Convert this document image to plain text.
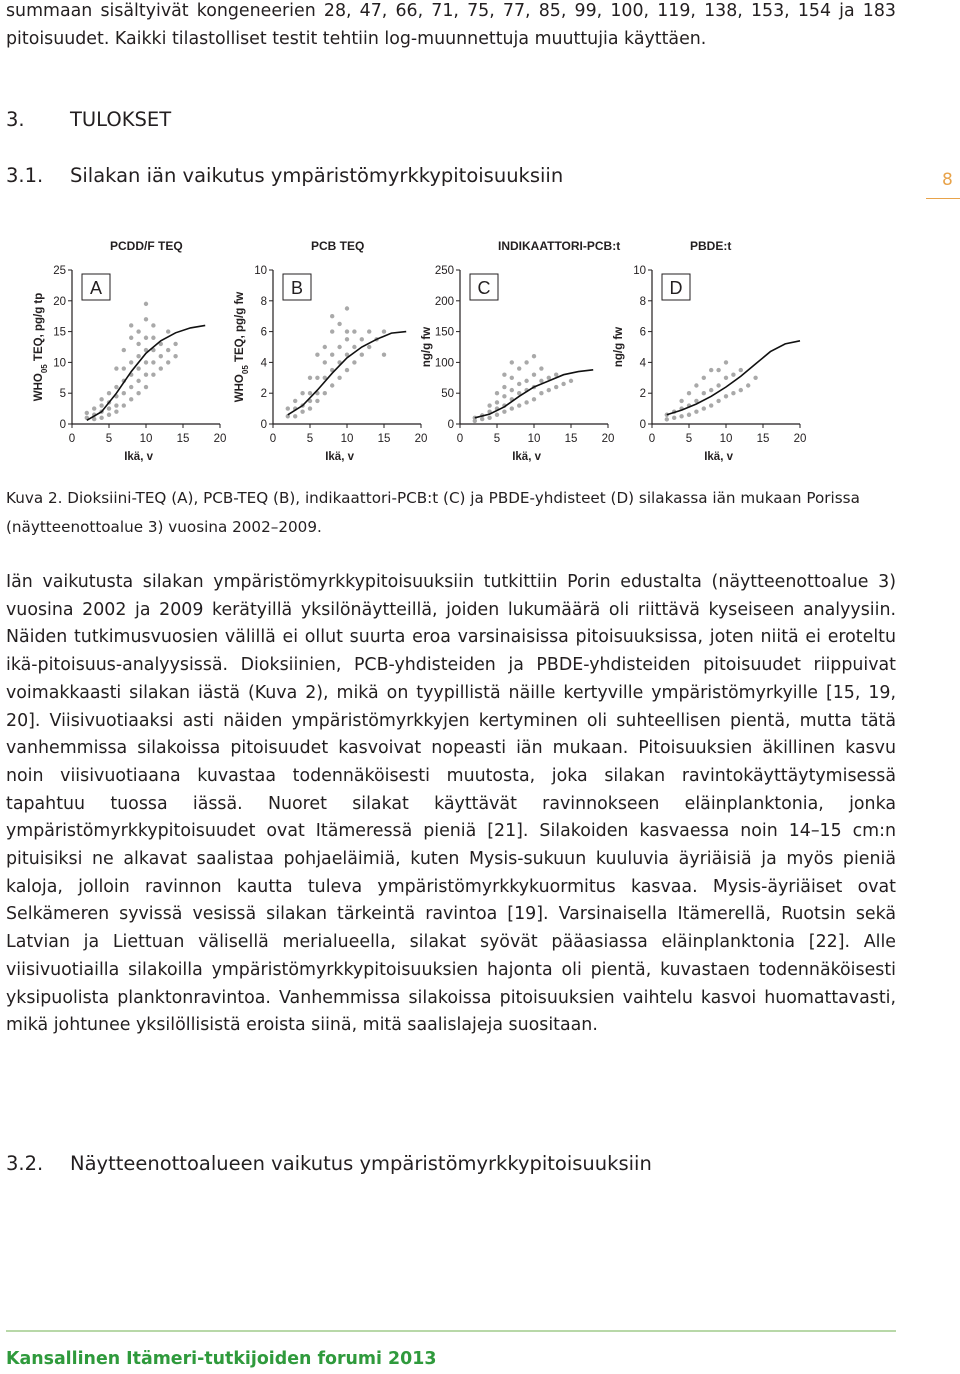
summaan sisältyivät kongeneerien 28, 47, 66, 71, 75, 77, 85, 99, 100, 119, 138, 153, 154 ja 183 pitoisuudet. Kaikki tilastolliset testit tehtiin log-muunnettuja muuttujia käyttäen.
3. TULOKSET
3.1. Silakan iän vaikutus ympäristömyrkkypitoisuuksiin	8
PCDD/F TEQ
A
0
5
10
15
20
25
0	5 10 15 20
Ikä, v
$WHO_{05}$ TEQ, pg/g tp
PCB TEQ
B
0
2
4
6
8
10
0	5 10 15 20
Ikä, v
$WHO_{05}$ TEQ, pg/g fw
INDIKAATTORI-PCB:t
C
0
50
100
150
200
250
0	5 10 15 20
Ikä, v
ng/g fw
PBDE:t
D
0
2
4
6
8
10
0	5 10 15 20
Ikä, v
ng/g fw
Kuva 2. Dioksiini-TEQ (A), PCB-TEQ (B), indikaattori-PCB:t (C) ja PBDE-yhdisteet (D) silakassa iän mukaan Porissa (näytteenottoalue 3) vuosina 2002–2009.
Iän vaikutusta silakan ympäristömyrkkypitoisuuksiin tutkittiin Porin edustalta (näytteenottoalue 3) vuosina 2002 ja 2009 kerätyillä yksilönäytteillä, joiden lukumäärä oli riittävä kyseiseen analyysiin. Näiden tutkimusvuosien välillä ei ollut suurta eroa varsinaisissa pitoisuuksissa, joten niitä ei eroteltu ikä-pitoisuus-analyysissä. Dioksiinien, PCB-yhdisteiden ja PBDE-yhdisteiden pitoisuudet riippuivat voimakkaasti silakan iästä (Kuva 2), mikä on tyypillistä näille kertyville ympäristömyrkyille [15, 19, 20]. Viisivuotiaaksi asti näiden ympäristömyrkkyjen kertyminen oli suhteellisen pientä, mutta tätä vanhemmissa silakoissa pitoisuudet kasvoivat nopeasti iän mukaan. Pitoisuuksien äkillinen kasvu noin viisivuotiaana kuvastaa todennäköisesti muutosta, joka silakan ravintokäyttäytymisessä tapahtuu tuossa iässä. Nuoret silakat käyttävät ravinnokseen eläinplanktonia, jonka ympäristömyrkkypitoisuudet ovat Itämeressä pieniä [21]. Silakoiden kasvaessa noin 14–15 cm:n pituisiksi ne alkavat saalistaa pohjaeläimiä, kuten Mysis-sukuun kuuluvia äyriäisiä ja myös pieniä kaloja, jolloin ravinnon kautta tuleva ympäristömyrkkykuormitus kasvaa. Mysis-äyriäiset ovat Selkämeren syvissä vesissä silakan tärkeintä ravintoa [19]. Varsinaisella Itämerellä, Ruotsin sekä Latvian ja Liettuan välisellä merialueella, silakat syövät pääasiassa eläinplanktonia [22]. Alle viisivuotiailla silakoilla ympäristömyrkkypitoisuuksien hajonta oli pientä, kuvastaen todennäköisesti yksipuolista planktonravintoa. Vanhemmissa silakoissa pitoisuuksien vaihtelu kasvoi huomattavasti, mikä johtunee yksilöllisistä eroista siinä, mitä saalislajeja suositaan.
3.2. Näytteenottoalueen vaikutus ympäristömyrkkypitoisuuksiin
Kansallinen Itämeri-tutkijoiden forumi 2013
